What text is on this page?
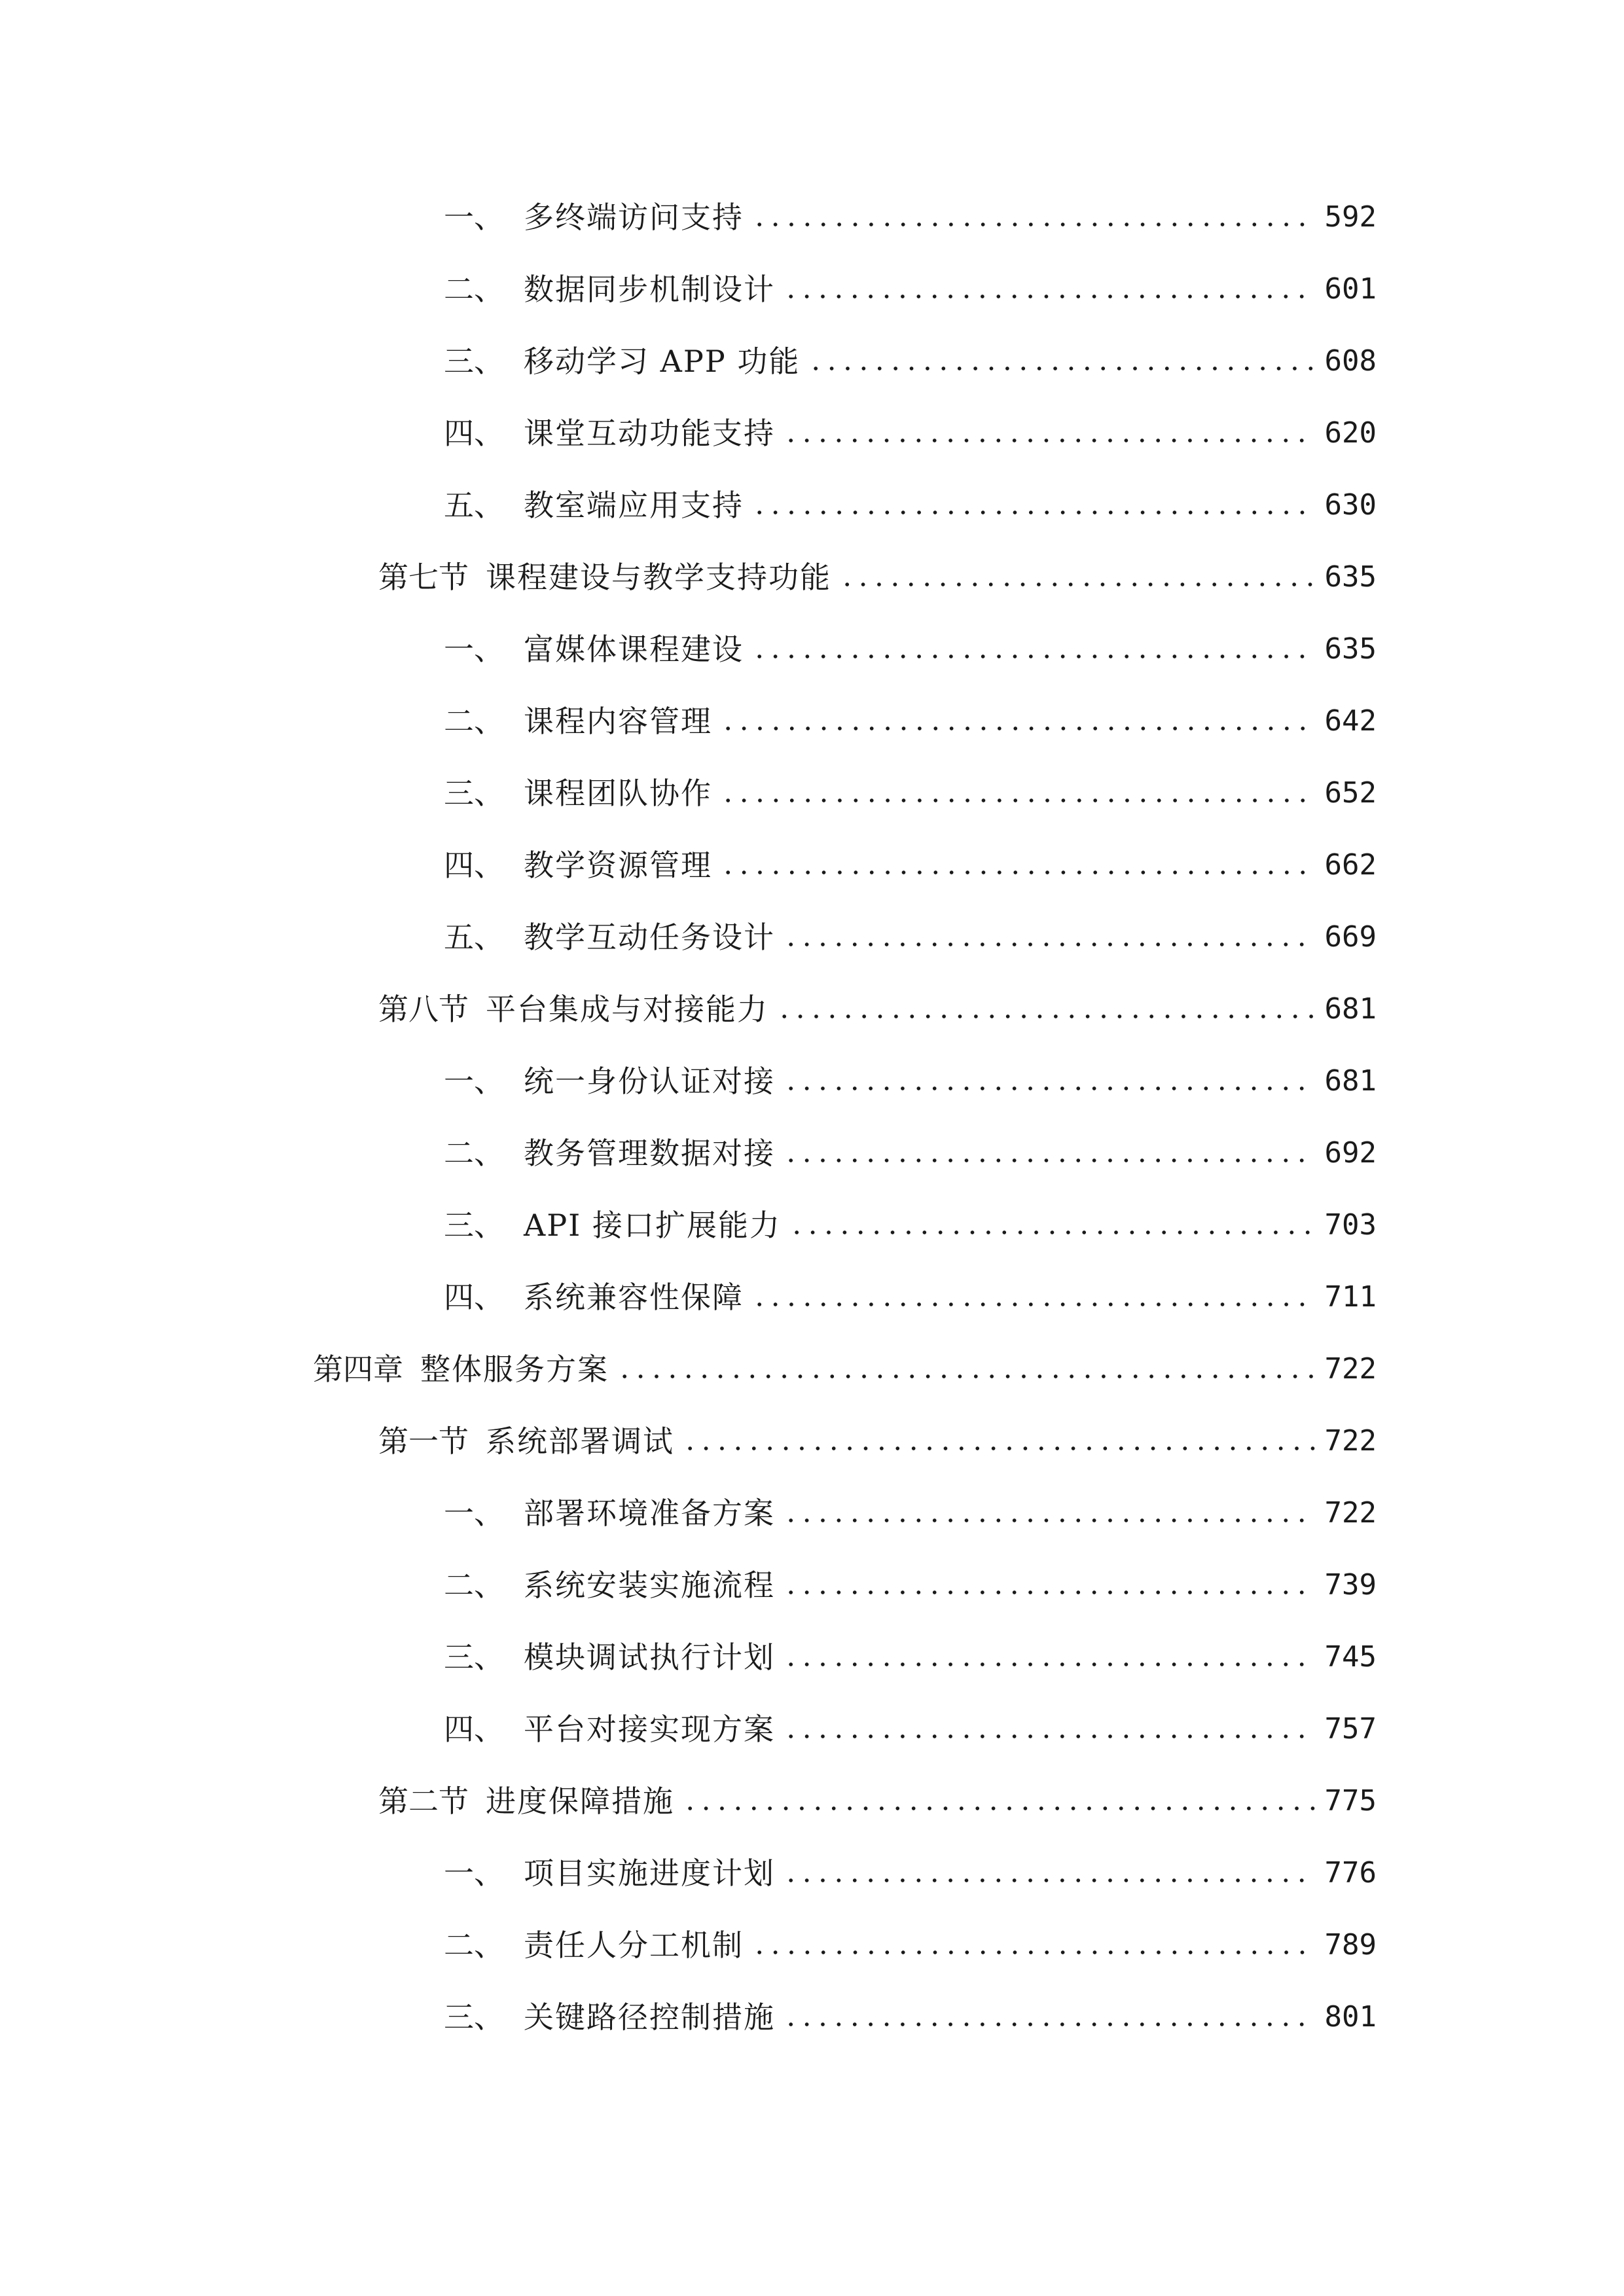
一、 多终端访问支持	592
二、 数据同步机制设计	601
三、 移动学习 APP 功能	608
四、 课堂互动功能支持	620
五、 教室端应用支持	630
第七节 课程建设与教学支持功能	635
一、 富媒体课程建设	635
二、 课程内容管理	642
三、 课程团队协作	652
四、 教学资源管理	662
五、 教学互动任务设计	669
第八节 平台集成与对接能力	681
一、 统一身份认证对接	681
二、 教务管理数据对接	692
三、 API 接口扩展能力	703
四、 系统兼容性保障	711
第四章 整体服务方案	722
第一节 系统部署调试	722
一、 部署环境准备方案	722
二、 系统安装实施流程	739
三、 模块调试执行计划	745
四、 平台对接实现方案	757
第二节 进度保障措施	775
一、 项目实施进度计划	776
二、 责任人分工机制	789
三、 关键路径控制措施	801
